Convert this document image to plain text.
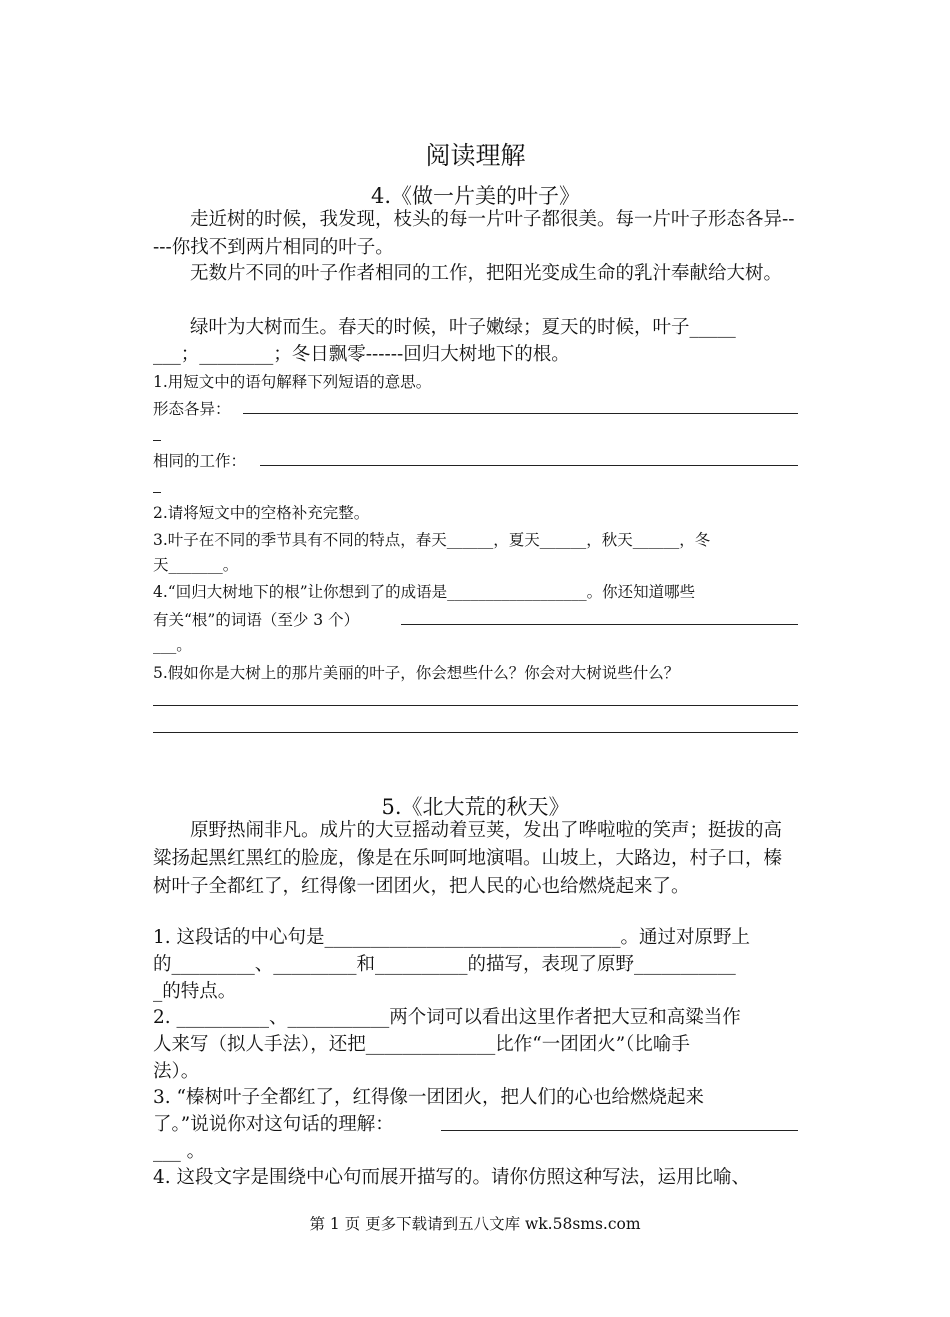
阅读理解
4.《做一片美的叶子》
走近树的时候，我发现，枝头的每一片叶子都很美。每一片叶子形态各异-----你找不到两片相同的叶子。
无数片不同的叶子作者相同的工作，把阳光变成生命的乳汁奉献给大树。
绿叶为大树而生。春天的时候，叶子嫩绿；夏天的时候，叶子_____
___；________；冬日飘零------回归大树地下的根。
1.用短文中的语句解释下列短语的意思。
形态各异：
相同的工作：
2.请将短文中的空格补充完整。
3.叶子在不同的季节具有不同的特点，春天______，夏天______，秋天______，冬
天_______。
4.“回归大树地下的根”让你想到了的成语是__________________。你还知道哪些
有关“根”的词语（至少 3 个）
___。
5.假如你是大树上的那片美丽的叶子，你会想些什么？你会对大树说些什么？
5.《北大荒的秋天》
原野热闹非凡。成片的大豆摇动着豆荚，发出了哗啦啦的笑声；挺拔的高粱扬起黑红黑红的脸庞，像是在乐呵呵地演唱。山坡上，大路边，村子口，榛树叶子全都红了，红得像一团团火，把人民的心也给燃烧起来了。
1. 这段话的中心句是________________________________。通过对原野上
的_________、_________和__________的描写，表现了原野___________
_的特点。
2. __________、___________两个词可以看出这里作者把大豆和高粱当作
人来写（拟人手法），还把______________比作“一团团火”（比喻手
法）。
3. “榛树叶子全都红了，红得像一团团火，把人们的心也给燃烧起来
了。”说说你对这句话的理解：
___ 。
4. 这段文字是围绕中心句而展开描写的。请你仿照这种写法，运用比喻、
第 1 页 更多下载请到五八文库 wk.58sms.com
